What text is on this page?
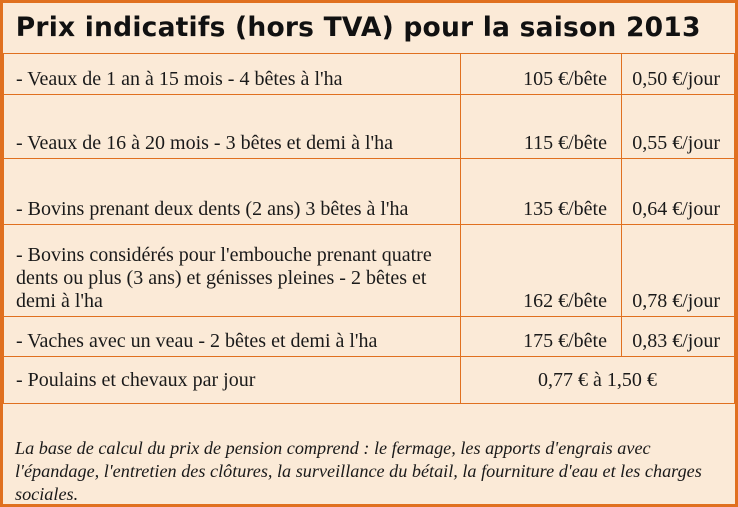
Prix indicatifs (hors TVA) pour la saison 2013
- Veaux de 1 an à 15 mois - 4 bêtes à l'ha	105 €/bête	0,50 €/jour
- Veaux de 16 à 20 mois - 3 bêtes et demi à l'ha	115 €/bête	0,55 €/jour
- Bovins prenant deux dents (2 ans) 3 bêtes à l'ha	135 €/bête	0,64 €/jour
- Bovins considérés pour l'embouche prenant quatre dents ou plus (3 ans) et génisses pleines - 2 bêtes et demi à l'ha	162 €/bête	0,78 €/jour
- Vaches avec un veau - 2 bêtes et demi à l'ha	175 €/bête	0,83 €/jour
- Poulains et chevaux par jour	0,77 € à 1,50 €	
La base de calcul du prix de pension comprend : le fermage, les apports d'engrais avec l'épandage, l'entretien des clôtures, la surveillance du bétail, la fourniture d'eau et les charges sociales.
